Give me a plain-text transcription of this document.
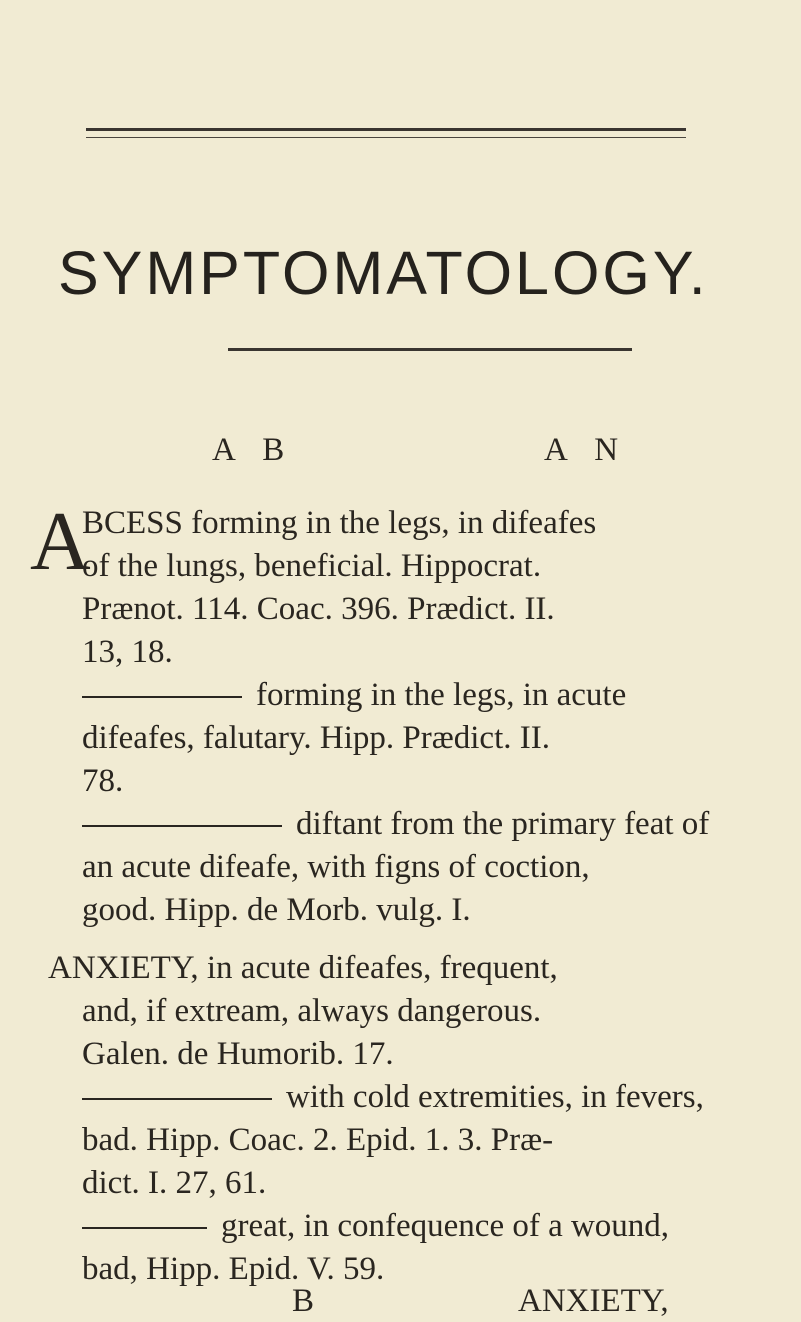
SYMPTOMATOLOGY.
A B	A N
A
BCESS forming in the legs, in difeafes
of the lungs, beneficial. Hippocrat.
Prænot. 114. Coac. 396. Prædict. II.
13, 18.
forming in the legs, in acute
difeafes, falutary. Hipp. Prædict. II.
78.
diftant from the primary feat of
an acute difeafe, with figns of coction,
good. Hipp. de Morb. vulg. I.
ANXIETY, in acute difeafes, frequent,
and, if extream, always dangerous.
Galen. de Humorib. 17.
with cold extremities, in fevers,
bad. Hipp. Coac. 2. Epid. 1. 3. Præ-
dict. I. 27, 61.
great, in confequence of a wound,
bad, Hipp. Epid. V. 59.
B	ANXIETY,
